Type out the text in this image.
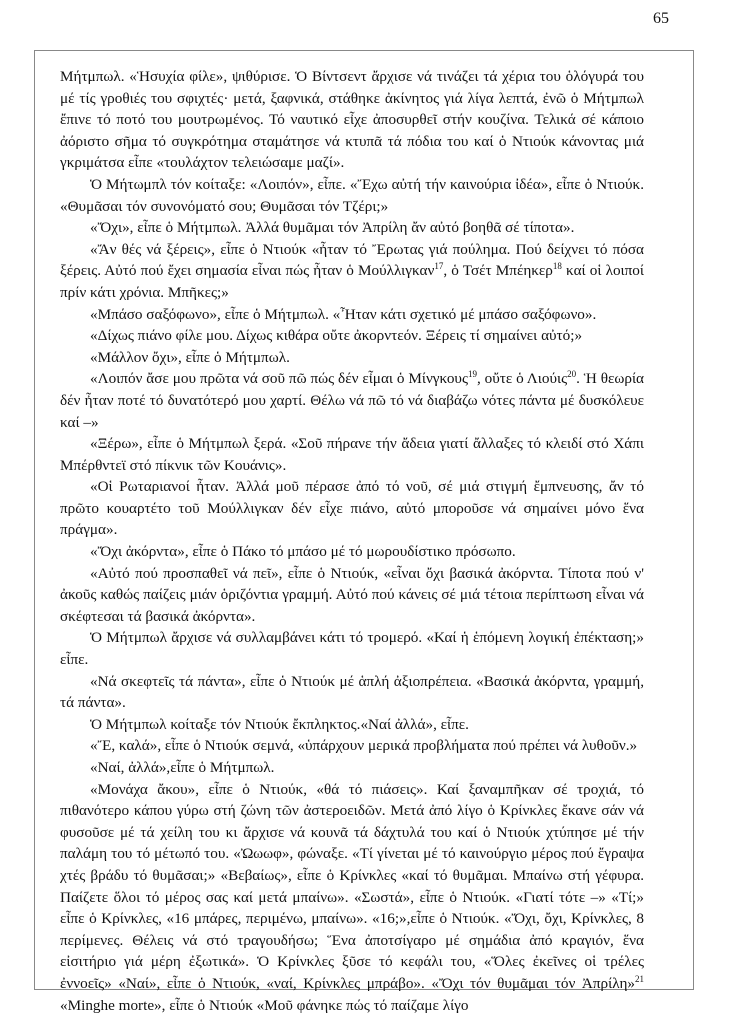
65

Μήτμπωλ. «Ἡσυχία φίλε», ψιθύρισε. Ὁ Βίντσεντ ἄρχισε νά τινάζει τά χέρια του ὁλόγυρά του μέ τίς γροθιές του σφιχτές· μετά, ξαφνικά, στάθηκε ἀκίνητος γιά λίγα λεπτά, ἐνῶ ὁ Μήτμπωλ ἔπινε τό ποτό του μουτρωμένος. Τό ναυτικό εἶχε ἀποσυρθεῖ στήν κουζίνα. Τελικά σέ κάποιο ἀόριστο σῆμα τό συγκρότημα σταμάτησε νά κτυπᾶ τά πόδια του καί ὁ Ντιούκ κάνοντας μιά γκριμάτσα εἶπε «τουλάχτον τελειώσαμε μαζί».

Ὁ Μήτωμπλ τόν κοίταξε: «Λοιπόν», εἶπε. «Ἔχω αὐτή τήν καινούρια ἰδέα», εἶπε ὁ Ντιούκ. «Θυμᾶσαι τόν συνονόματό σου; Θυμᾶσαι τόν Τζέρι;»

«Ὄχι», εἶπε ὁ Μήτμπωλ. Ἀλλά θυμᾶμαι τόν Ἀπρίλη ἄν αὐτό βοηθᾶ σέ τίποτα».

«Ἄν θές νά ξέρεις», εἶπε ὁ Ντιούκ «ἦταν τό Ἔρωτας γιά πούλημα. Πού δείχνει τό πόσα ξέρεις. Αὐτό πού ἔχει σημασία εἶναι πώς ἦταν ὁ Μούλλιγκαν$^{17}$, ὁ Τσέτ Μπέηκερ$^{18}$ καί οἱ λοιποί πρίν κάτι χρόνια. Μπῆκες;»

«Μπάσο σαξόφωνο», εἶπε ὁ Μήτμπωλ. «Ἦταν κάτι σχετικό μέ μπάσο σαξόφωνο».

«Δίχως πιάνο φίλε μου. Δίχως κιθάρα οὔτε ἀκορντεόν. Ξέρεις τί σημαίνει αὐτό;»

«Μάλλον ὄχι», εἶπε ὁ Μήτμπωλ.

«Λοιπόν ἄσε μου πρῶτα νά σοῦ πῶ πώς δέν εἶμαι ὁ Μίνγκους$^{19}$, οὔτε ὁ Λιούις$^{20}$. Ἡ θεωρία δέν ἦταν ποτέ τό δυνατότερό μου χαρτί. Θέλω νά πῶ τό νά διαβάζω νότες πάντα μέ δυσκόλευε καί –»

«Ξέρω», εἶπε ὁ Μήτμπωλ ξερά. «Σοῦ πήρανε τήν ἄδεια γιατί ἄλλαξες τό κλειδί στό Χάπι Μπέρθντεϊ στό πίκνικ τῶν Κουάνις».

«Οἱ Ρωταριανοί ἦταν. Ἀλλά μοῦ πέρασε ἀπό τό νοῦ, σέ μιά στιγμή ἔμπνευσης, ἄν τό πρῶτο κουαρτέτο τοῦ Μούλλιγκαν δέν εἶχε πιάνο, αὐτό μποροῦσε νά σημαίνει μόνο ἕνα πράγμα».

«Ὄχι ἀκόρντα», εἶπε ὁ Πάκο τό μπάσο μέ τό μωρουδίστικο πρόσωπο.

«Αὐτό πού προσπαθεῖ νά πεῖ», εἶπε ὁ Ντιούκ, «εἶναι ὄχι βασικά ἀκόρντα. Τίποτα πού ν' ἀκοῦς καθώς παίζεις μιάν ὁριζόντια γραμμή. Αὐτό πού κάνεις σέ μιά τέτοια περίπτωση εἶναι νά σκέφτεσαι τά βασικά ἀκόρντα».

Ὁ Μήτμπωλ ἄρχισε νά συλλαμβάνει κάτι τό τρομερό. «Καί ἡ ἑπόμενη λογική ἐπέκταση;» εἶπε.

«Νά σκεφτεῖς τά πάντα», εἶπε ὁ Ντιούκ μέ ἁπλή ἀξιοπρέπεια. «Βασικά ἀκόρντα, γραμμή, τά πάντα».

Ὁ Μήτμπωλ κοίταξε τόν Ντιούκ ἔκπληκτος.«Ναί ἀλλά», εἶπε.

«Ἔ, καλά», εἶπε ὁ Ντιούκ σεμνά, «ὑπάρχουν μερικά προβλήματα πού πρέπει νά λυθοῦν.»

«Ναί, ἀλλά»,εἶπε ὁ Μήτμπωλ.

«Μονάχα ἄκου», εἶπε ὁ Ντιούκ, «θά τό πιάσεις». Καί ξαναμπῆκαν σέ τροχιά, τό πιθανότερο κάπου γύρω στή ζώνη τῶν ἀστεροειδῶν. Μετά ἀπό λίγο ὁ Κρίνκλες ἔκανε σάν νά φυσοῦσε μέ τά χείλη του κι ἄρχισε νά κουνᾶ τά δάχτυλά του καί ὁ Ντιούκ χτύπησε μέ τήν παλάμη του τό μέτωπό του. «Ὠωωφ», φώναξε. «Τί γίνεται μέ τό καινούργιο μέρος πού ἔγραψα χτές βράδυ τό θυμᾶσαι;» «Βεβαίως», εἶπε ὁ Κρίνκλες «καί τό θυμᾶμαι. Μπαίνω στή γέφυρα. Παίζετε ὅλοι τό μέρος σας καί μετά μπαίνω». «Σωστά», εἶπε ὁ Ντιούκ. «Γιατί τότε –» «Τί;» εἶπε ὁ Κρίνκλες, «16 μπάρες, περιμένω, μπαίνω». «16;»,εἶπε ὁ Ντιούκ. «Ὄχι, ὄχι, Κρίνκλες, 8 περίμενες. Θέλεις νά στό τραγουδήσω; Ἕνα ἀποτσίγαρο μέ σημάδια ἀπό κραγιόν, ἕνα εἰσιτήριο γιά μέρη ἐξωτικά». Ὁ Κρίνκλες ξῦσε τό κεφάλι του, «Ὅλες ἐκεῖνες οἱ τρέλες ἐννοεῖς» «Ναί», εἶπε ὁ Ντιούκ, «ναί, Κρίνκλες μπράβο». «Ὄχι τόν θυμᾶμαι τόν Ἀπρίλη»$^{21}$ «Minghe morte», εἶπε ὁ Ντιούκ «Μοῦ φάνηκε πώς τό παίζαμε λίγο
